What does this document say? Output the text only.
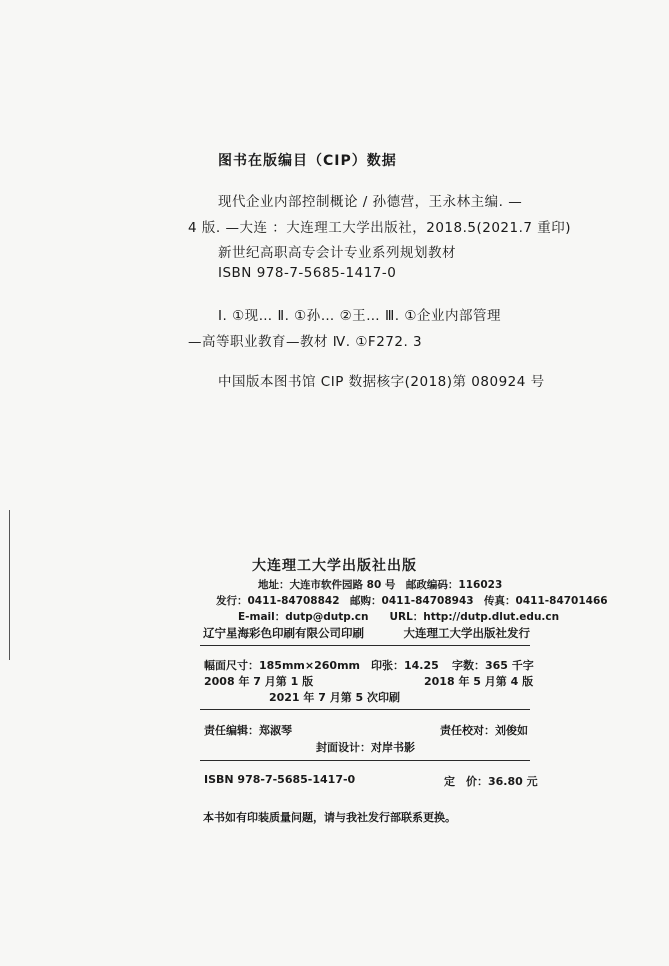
图书在版编目（CIP）数据
现代企业内部控制概论 / 孙德营，王永林主编. —
4 版. —大连 ：大连理工大学出版社，2018.5(2021.7 重印)
新世纪高职高专会计专业系列规划教材
ISBN 978-7-5685-1417-0
Ⅰ. ①现… Ⅱ. ①孙… ②王… Ⅲ. ①企业内部管理
—高等职业教育—教材 Ⅳ. ①F272. 3
中国版本图书馆 CIP 数据核字(2018)第 080924 号
大连理工大学出版社出版
地址：大连市软件园路 80 号　邮政编码：116023
发行：0411-84708842　邮购：0411-84708943　传真：0411-84701466
E-mail：dutp@dutp.cn　　URL：http://dutp.dlut.edu.cn
辽宁星海彩色印刷有限公司印刷	大连理工大学出版社发行
幅面尺寸：185mm×260mm 印张：14.25 字数：365 千字
2008 年 7 月第 1 版	2018 年 5 月第 4 版
2021 年 7 月第 5 次印刷
责任编辑：郑淑琴	责任校对：刘俊如
封面设计：对岸书影
ISBN 978-7-5685-1417-0	定　价：36.80 元
本书如有印装质量问题，请与我社发行部联系更换。
